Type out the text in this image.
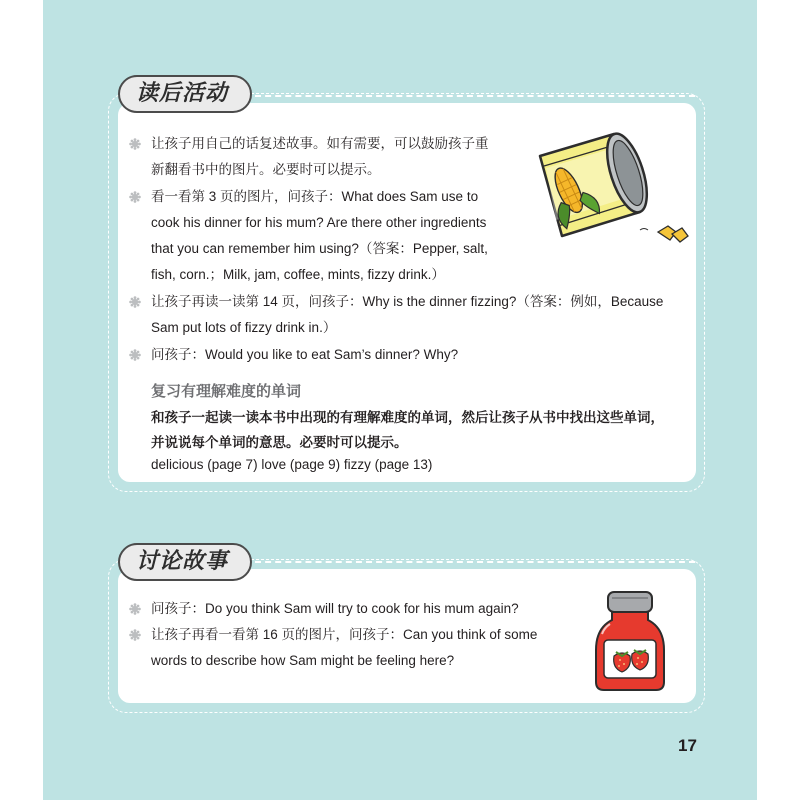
读后活动
让孩子用自己的话复述故事。如有需要，可以鼓励孩子重
新翻看书中的图片。必要时可以提示。
看一看第 3 页的图片，问孩子：What does Sam use to
cook his dinner for his mum? Are there other ingredients
that you can remember him using?（答案：Pepper, salt,
fish, corn.；Milk, jam, coffee, mints, fizzy drink.）
让孩子再读一读第 14 页，问孩子：Why is the dinner fizzing?（答案：例如，Because
Sam put lots of fizzy drink in.）
问孩子：Would you like to eat Sam’s dinner? Why?
复习有理解难度的单词
和孩子一起读一读本书中出现的有理解难度的单词，然后让孩子从书中找出这些单词，
并说说每个单词的意思。必要时可以提示。
delicious (page 7) love (page 9) fizzy (page 13)
讨论故事
问孩子：Do you think Sam will try to cook for his mum again?
让孩子再看一看第 16 页的图片，问孩子：Can you think of some
words to describe how Sam might be feeling here?
17
